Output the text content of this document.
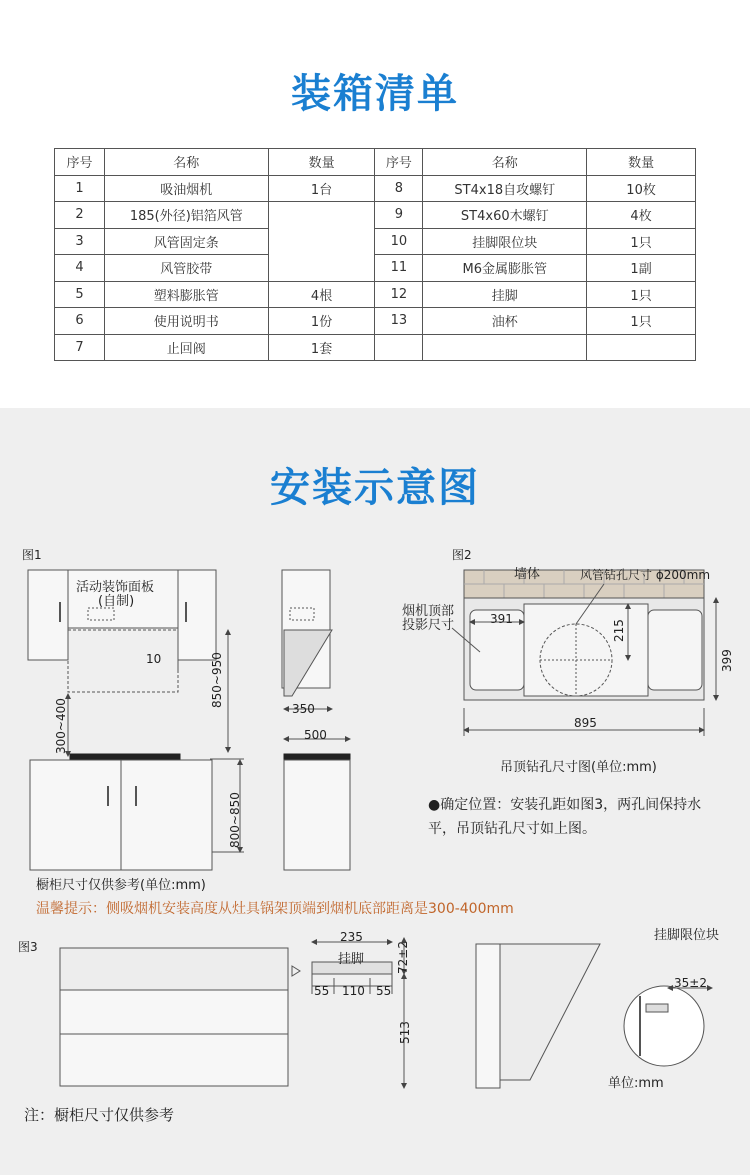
装箱清单
序号	名称	数量	序号	名称	数量
1	吸油烟机	1台	8	ST4x18自攻螺钉	10枚
2	185(外径)铝箔风管		9	ST4x60木螺钉	4枚
3	风管固定条		10	挂脚限位块	1只
4	风管胶带		11	M6金属膨胀管	1副
5	塑料膨胀管	4根	12	挂脚	1只
6	使用说明书	1份	13	油杯	1只
7	止回阀	1套			
安装示意图
图1
活动装饰面板
(自制)
10	850~950
300~400
800~850
350
500
橱柜尺寸仅供参考(单位:mm)
图2
墙体	风管钻孔尺寸 ϕ200mm
烟机顶部
投影尺寸	391
215
399
895
吊顶钻孔尺寸图(单位:mm)
●确定位置：安装孔距如图3，两孔间保持水
平，吊顶钻孔尺寸如上图。
温馨提示：侧吸烟机安装高度从灶具锅架顶端到烟机底部距离是300-400mm
图3
235
挂脚	72±2
55 110 55
513
挂脚限位块
35±2
单位:mm
注：橱柜尺寸仅供参考
